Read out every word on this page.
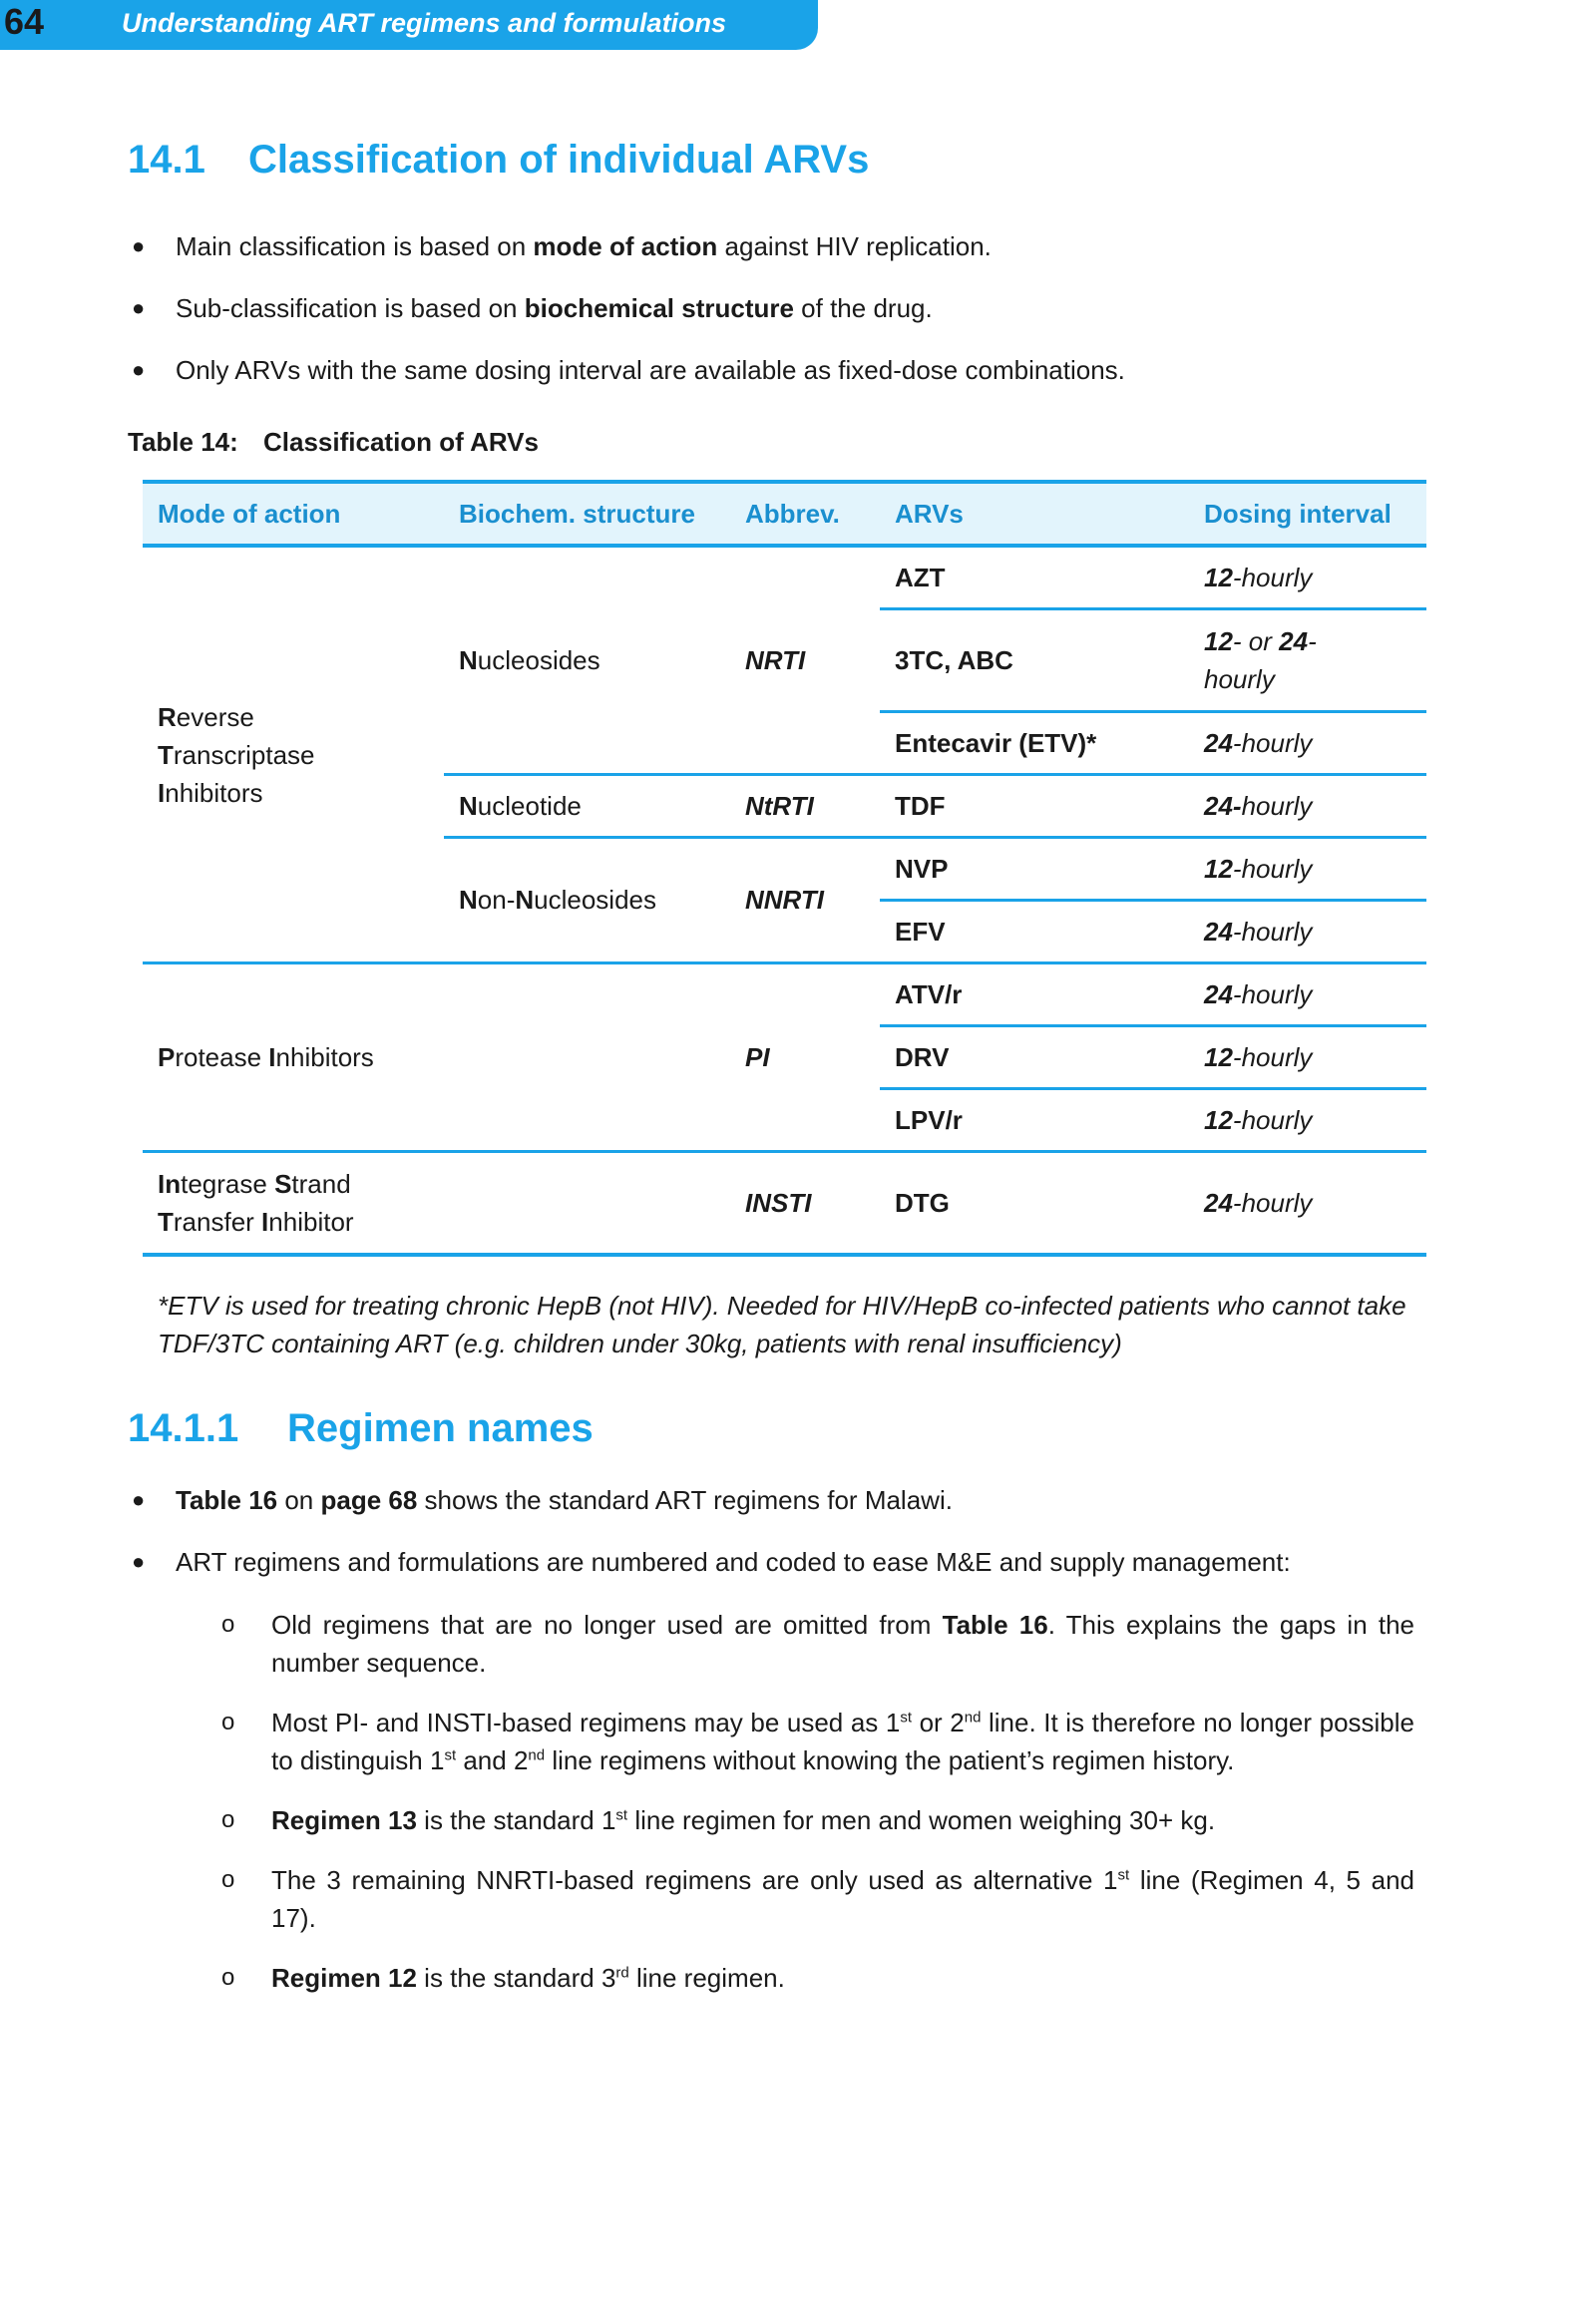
64	Understanding ART regimens and formulations
14.1 Classification of individual ARVs
● Main classification is based on mode of action against HIV replication.
● Sub-classification is based on biochemical structure of the drug.
● Only ARVs with the same dosing interval are available as fixed-dose combinations.
Table 14: Classification of ARVs
Mode of action	Biochem. structure	Abbrev.	ARVs	Dosing interval
Reverse
Transcriptase
Inhibitors	Nucleosides	NRTI	AZT	12-hourly
			3TC, ABC	12- or 24-
hourly
			Entecavir (ETV)*	24-hourly
	Nucleotide	NtRTI	TDF	24-hourly
	Non-Nucleosides	NNRTI	NVP	12-hourly
			EFV	24-hourly
Protease Inhibitors		PI	ATV/r	24-hourly
			DRV	12-hourly
			LPV/r	12-hourly
Integrase Strand
Transfer Inhibitor		INSTI	DTG	24-hourly
*ETV is used for treating chronic HepB (not HIV). Needed for HIV/HepB co-infected patients who cannot take TDF/3TC containing ART (e.g. children under 30kg, patients with renal insufficiency)
14.1.1 Regimen names
● Table 16 on page 68 shows the standard ART regimens for Malawi.
● ART regimens and formulations are numbered and coded to ease M&E and supply management:
o Old regimens that are no longer used are omitted from Table 16. This explains the gaps in the number sequence.
o Most PI- and INSTI-based regimens may be used as 1st or 2nd line. It is therefore no longer possible to distinguish 1st and 2nd line regimens without knowing the patient’s regimen history.
o Regimen 13 is the standard 1st line regimen for men and women weighing 30+ kg.
o The 3 remaining NNRTI-based regimens are only used as alternative 1st line (Regimen 4, 5 and 17).
o Regimen 12 is the standard 3rd line regimen.
